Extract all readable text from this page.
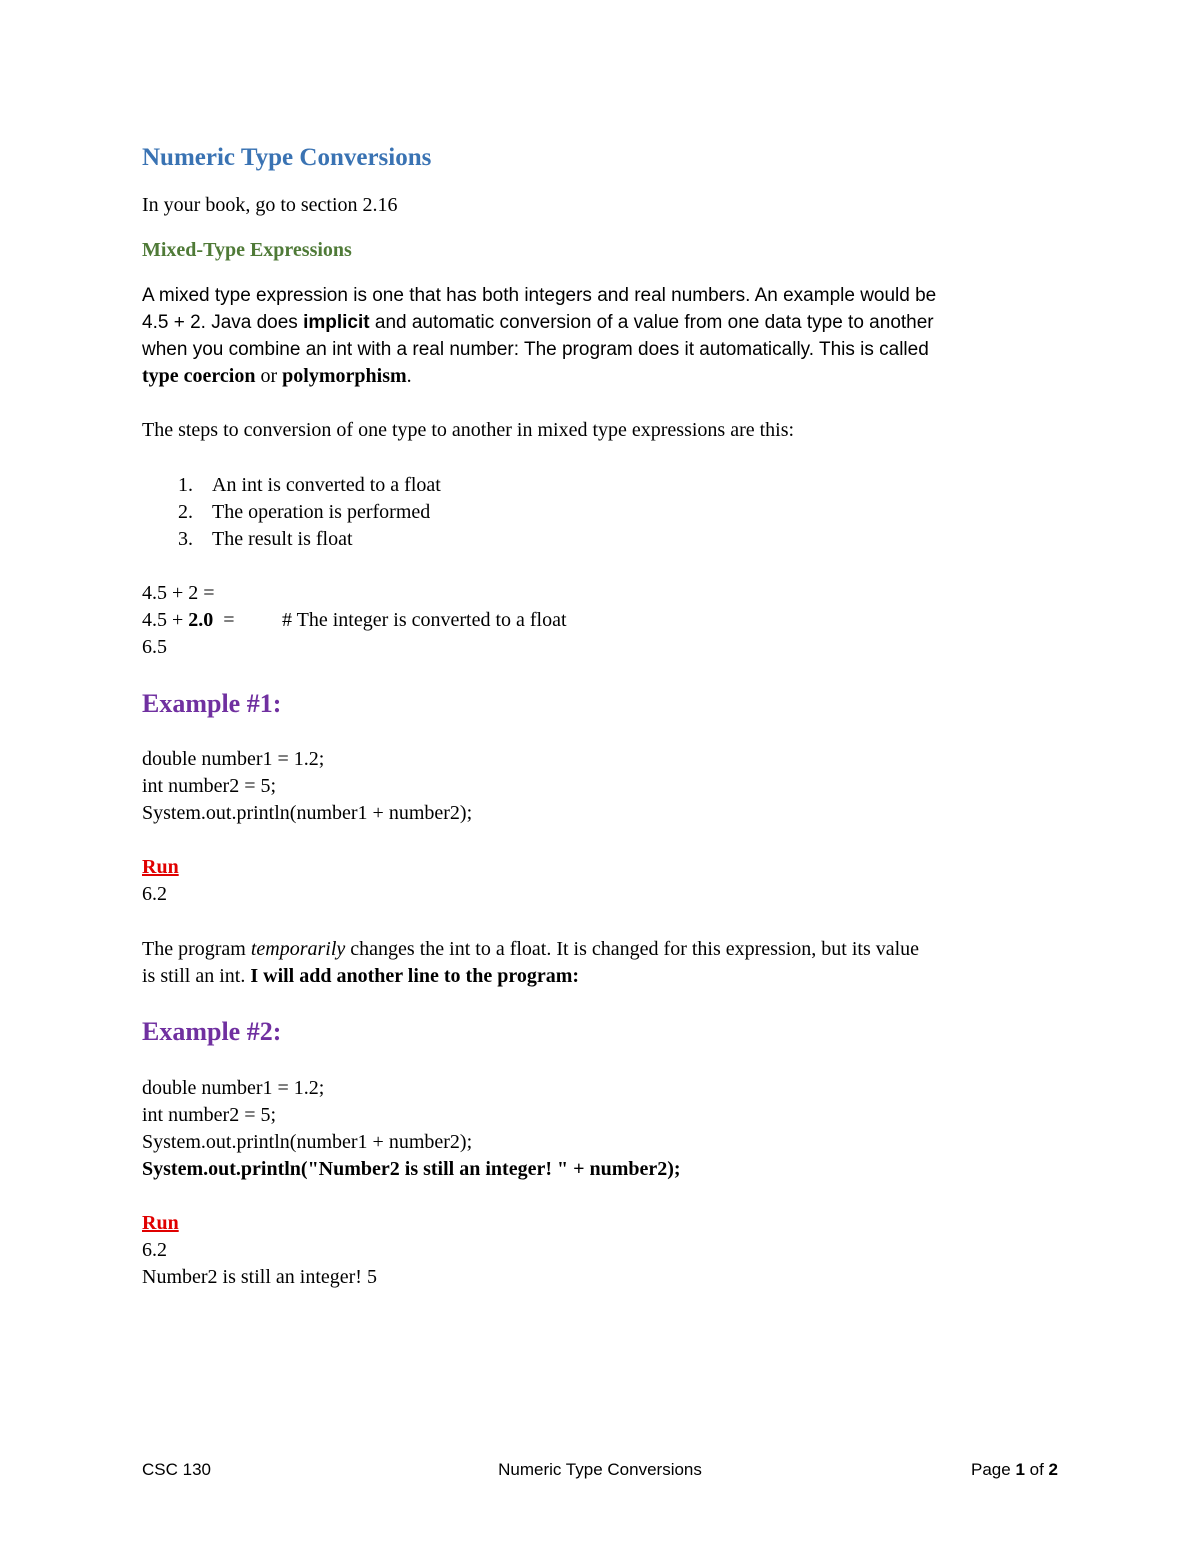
Numeric Type Conversions
In your book, go to section 2.16
Mixed-Type Expressions
A mixed type expression is one that has both integers and real numbers. An example would be
4.5 + 2. Java does implicit and automatic conversion of a value from one data type to another
when you combine an int with a real number: The program does it automatically. This is called
type coercion or polymorphism.
The steps to conversion of one type to another in mixed type expressions are this:
1. An int is converted to a float
2. The operation is performed
3. The result is float
4.5 + 2 =
4.5 + 2.0  = # The integer is converted to a float
6.5
Example #1:
double number1 = 1.2;
int number2 = 5;
System.out.println(number1 + number2);
Run
6.2
The program temporarily changes the int to a float. It is changed for this expression, but its value
is still an int. I will add another line to the program:
Example #2:
double number1 = 1.2;
int number2 = 5;
System.out.println(number1 + number2);
System.out.println("Number2 is still an integer! " + number2);
Run
6.2
Number2 is still an integer! 5
CSC 130	Numeric Type Conversions	Page 1 of 2
